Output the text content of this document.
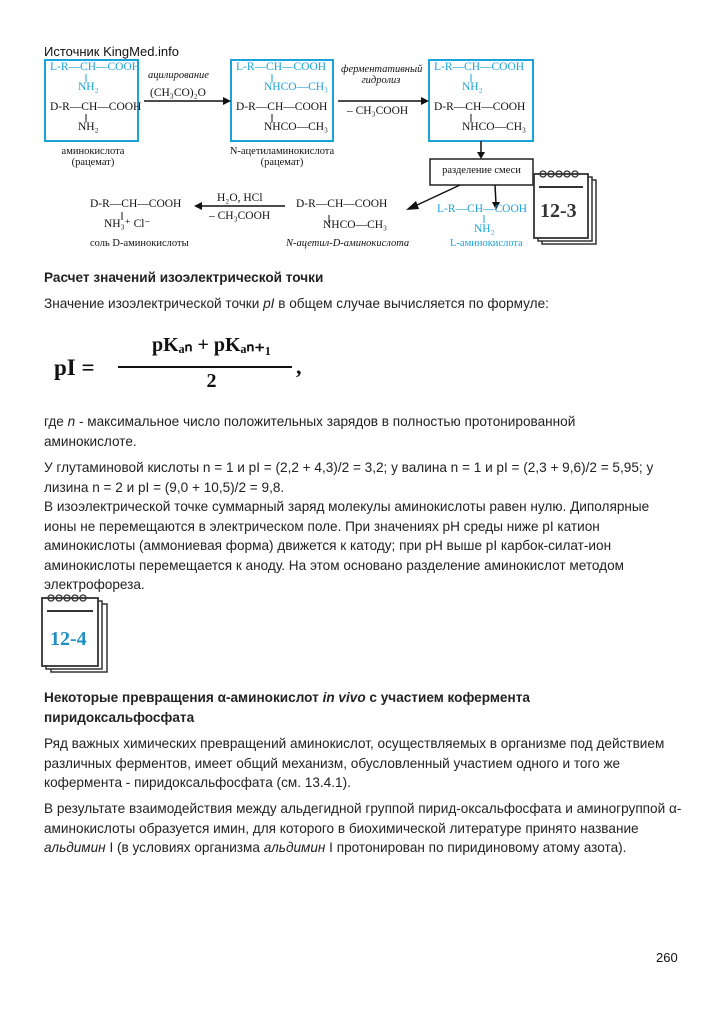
Источник KingMed.info
L-R—CH—COOH
NH₂
D-R—CH—COOH
NH₂
аминокислота
(рацемат)
ацилирование
(CH₃CO)₂O
L-R—CH—COOH
NHCO—CH₃
D-R—CH—COOH
NHCO—CH₃
N-ацетиламинокислота
(рацемат)
ферментативный
гидролиз
– CH₃COOH
L-R—CH—COOH
NH₂
D-R—CH—COOH
NHCO—CH₃
разделение смеси
L-R—CH—COOH
NH₂
L-аминокислота
D-R—CH—COOH
NHCO—CH₃
N-ацетил-D-аминокислота
H₂O, HCl
– CH₃COOH
D-R—CH—COOH
NH₃⁺ Cl⁻
соль D-аминокислоты
12-3
Расчет значений изоэлектрической точки
Значение изоэлектрической точки pI в общем случае вычисляется по формуле:
pI =
pKₐₙ + pKₐₙ₊₁
2
,
где n - максимальное число положительных зарядов в полностью протонированной аминокислоте.
У глутаминовой кислоты n = 1 и pI = (2,2 + 4,3)/2 = 3,2; у валина n = 1 и pI = (2,3 + 9,6)/2 = 5,95; у лизина n = 2 и pI = (9,0 + 10,5)/2 = 9,8.
В изоэлектрической точке суммарный заряд молекулы аминокислоты равен нулю. Диполярные ионы не перемещаются в электрическом поле. При значениях pH среды ниже pI катион аминокислоты (аммониевая форма) движется к катоду; при pH выше pI карбок-силат-ион аминокислоты перемещается к аноду. На этом основано разделение аминокислот методом электрофореза.
12-4
Некоторые превращения α-аминокислот in vivo с участием кофермента пиридоксальфосфата
Ряд важных химических превращений аминокислот, осуществляемых в организме под действием различных ферментов, имеет общий механизм, обусловленный участием одного и того же кофермента - пиридоксальфосфата (см. 13.4.1).
В результате взаимодействия между альдегидной группой пирид-оксальфосфата и аминогруппой α-аминокислоты образуется имин, для которого в биохимической литературе принято название альдимин I (в условиях организма альдимин I протонирован по пиридиновому атому азота).
260
